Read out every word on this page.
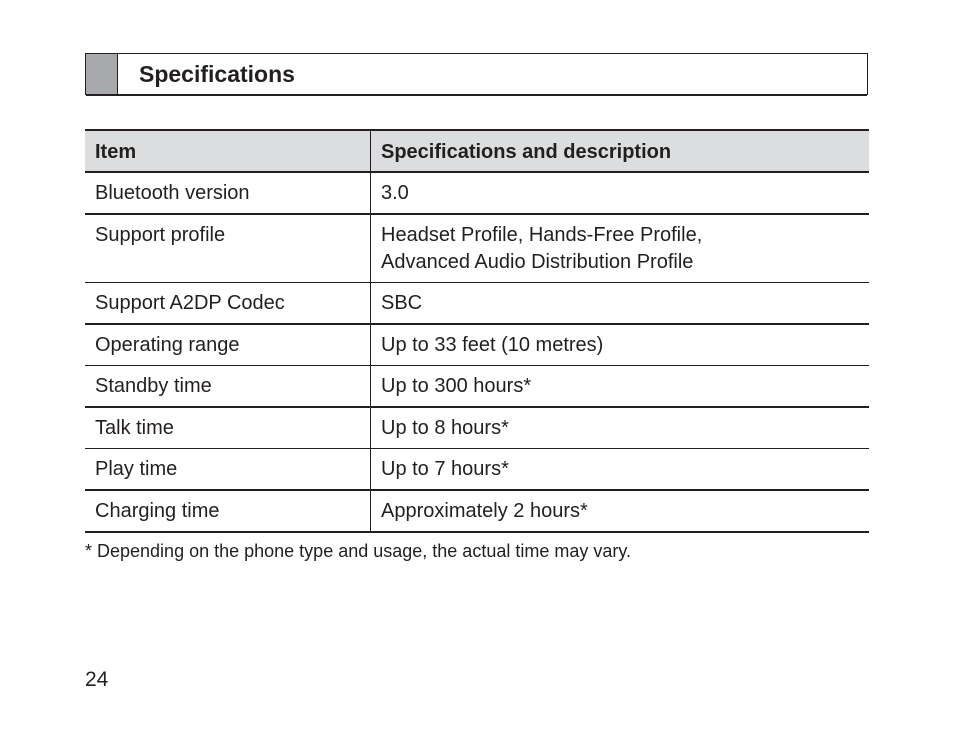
Specifications
Item	Specifications and description
Bluetooth version	3.0

Support profile	Headset Profile, Hands-Free Profile,
Advanced Audio Distribution Profile

Support A2DP Codec	SBC

Operating range	Up to 33 feet (10 metres)

Standby time	Up to 300 hours*

Talk time	Up to 8 hours*

Play time	Up to 7 hours*

Charging time	Approximately 2 hours*
* Depending on the phone type and usage, the actual time may vary.
24
